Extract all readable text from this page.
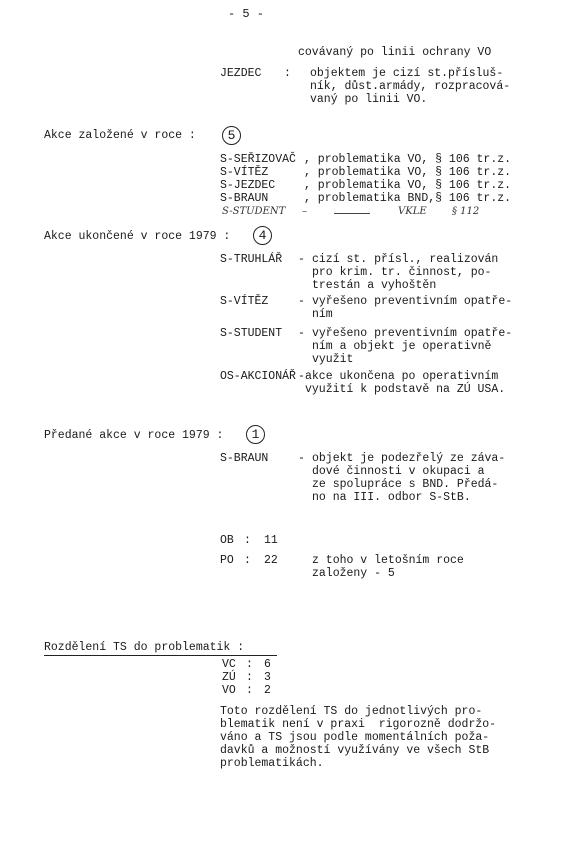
- 5 -
covávaný po linii ochrany VO
JEZDEC : objektem je cizí st.přísluš-
ník, důst.armády, rozpracová-
vaný po linii VO.
Akce založené v roce :	5
S-SEŘIZOVAČ , problematika VO, § 106 tr.z.
S-VÍTĚZ	, problematika VO, § 106 tr.z.
S-JEZDEC	, problematika VO, § 106 tr.z.
S-BRAUN	, problematika BND,§ 106 tr.z.
S-STUDENT –	VKLE	§ 112
Akce ukončené v roce 1979 :	4
S-TRUHLÁŘ - cizí st. přísl., realizován
pro krim. tr. činnost, po-
trestán a vyhoštěn
S-VÍTĚZ	- vyřešeno preventivním opatře-
ním
S-STUDENT - vyřešeno preventivním opatře-
ním a objekt je operativně
využit
OS-AKCIONÁŘ - akce ukončena po operativním
využití k podstavě na ZÚ USA.
Předané akce v roce 1979 :	1
S-BRAUN	- objekt je podezřelý ze záva-
dové činnosti v okupaci a
ze spolupráce s BND. Předá-
no na III. odbor S-StB.
OB : 11
PO : 22	z toho v letošním roce
založeny - 5
Rozdělení TS do problematik :
VC : 6
ZÚ : 3
VO : 2
Toto rozdělení TS do jednotlivých pro-
blematik není v praxi  rigorozně dodržo-
váno a TS jsou podle momentálních poža-
davků a možností využívány ve všech StB
problematikách.
